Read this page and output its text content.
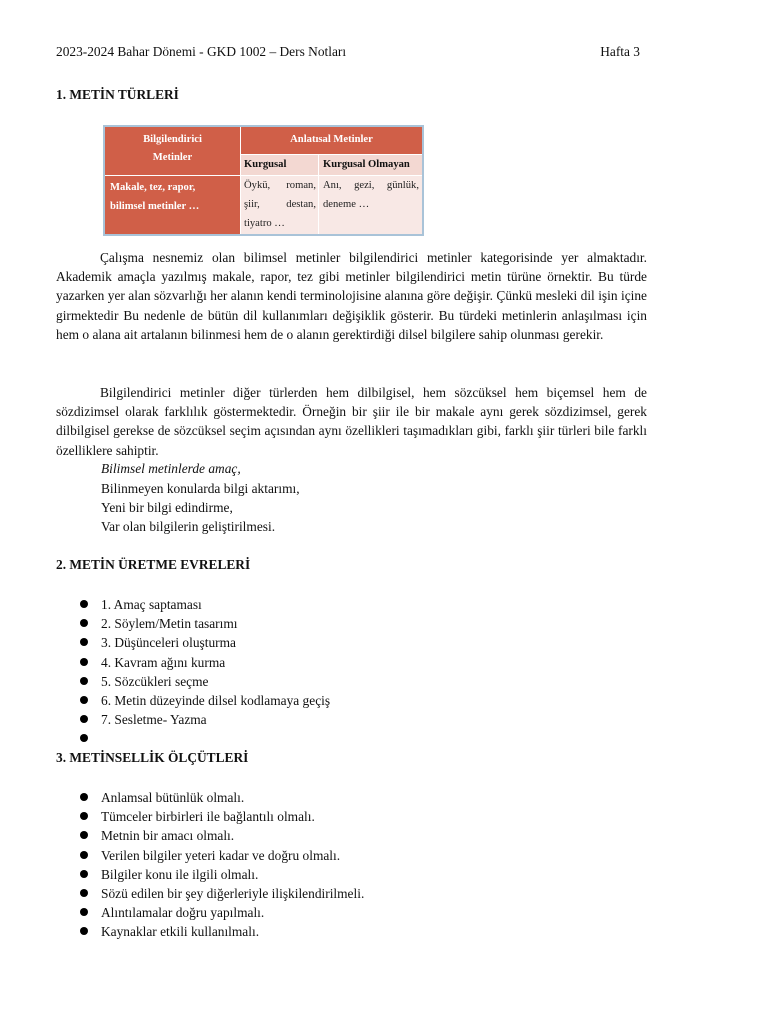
2023-2024 Bahar Dönemi - GKD 1002 – Ders Notları	Hafta 3
1. METİN TÜRLERİ
Bilgilendirici
Metinler
Anlatısal Metinler
Kurgusal	Kurgusal Olmayan
Makale, tez, rapor,
bilimsel metinler …
Öykü, roman,
şiir, destan,
tiyatro …
Anı, gezi, günlük,
deneme …
Çalışma nesnemiz olan bilimsel metinler bilgilendirici metinler kategorisinde yer almaktadır. Akademik amaçla yazılmış makale, rapor, tez gibi metinler bilgilendirici metin türüne örnektir. Bu türde yazarken yer alan sözvarlığı her alanın kendi terminolojisine alanına göre değişir. Çünkü mesleki dil işin içine girmektedir Bu nedenle de bütün dil kullanımları değişiklik gösterir. Bu türdeki metinlerin anlaşılması için hem o alana ait artalanın bilinmesi hem de o alanın gerektirdiği dilsel bilgilere sahip olunması gerekir.
Bilgilendirici metinler diğer türlerden hem dilbilgisel, hem sözcüksel hem biçemsel hem de sözdizimsel olarak farklılık göstermektedir. Örneğin bir şiir ile bir makale aynı gerek sözdizimsel, gerek dilbilgisel gerekse de sözcüksel seçim açısından aynı özellikleri taşımadıkları gibi, farklı şiir türleri bile farklı özelliklere sahiptir.
Bilimsel metinlerde amaç,
Bilinmeyen konularda bilgi aktarımı,
Yeni bir bilgi edindirme,
Var olan bilgilerin geliştirilmesi.
2. METİN ÜRETME EVRELERİ
1. Amaç saptaması
2. Söylem/Metin tasarımı
3. Düşünceleri oluşturma
4. Kavram ağını kurma
5. Sözcükleri seçme
6. Metin düzeyinde dilsel kodlamaya geçiş
7. Sesletme- Yazma
3. METİNSELLİK ÖLÇÜTLERİ
Anlamsal bütünlük olmalı.
Tümceler birbirleri ile bağlantılı olmalı.
Metnin bir amacı olmalı.
Verilen bilgiler yeteri kadar ve doğru olmalı.
Bilgiler konu ile ilgili olmalı.
Sözü edilen bir şey diğerleriyle ilişkilendirilmeli.
Alıntılamalar doğru yapılmalı.
Kaynaklar etkili kullanılmalı.
